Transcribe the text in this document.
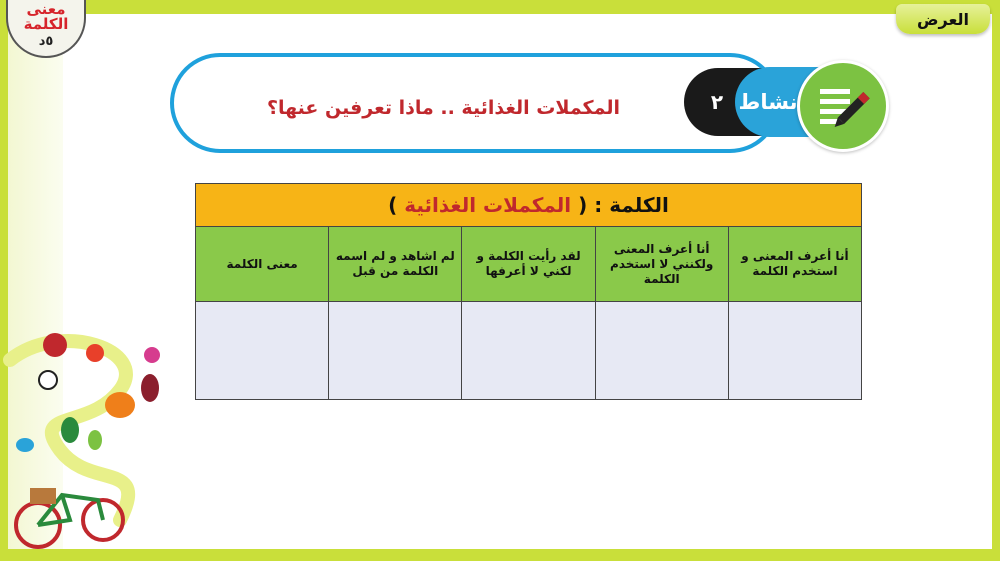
معنى
الكلمة
٥د
العرض
المكملات الغذائية .. ماذا تعرفين عنها؟	٢ نشاط
الكلمة : ( المكملات الغذائية )				
أنا أعرف المعنى و استخدم الكلمة	أنا أعرف المعنى ولكنني لا استخدم الكلمة	لقد رأيت الكلمة و لكني لا أعرفها	لم اشاهد و لم اسمه الكلمة من قبل	معنى الكلمة
